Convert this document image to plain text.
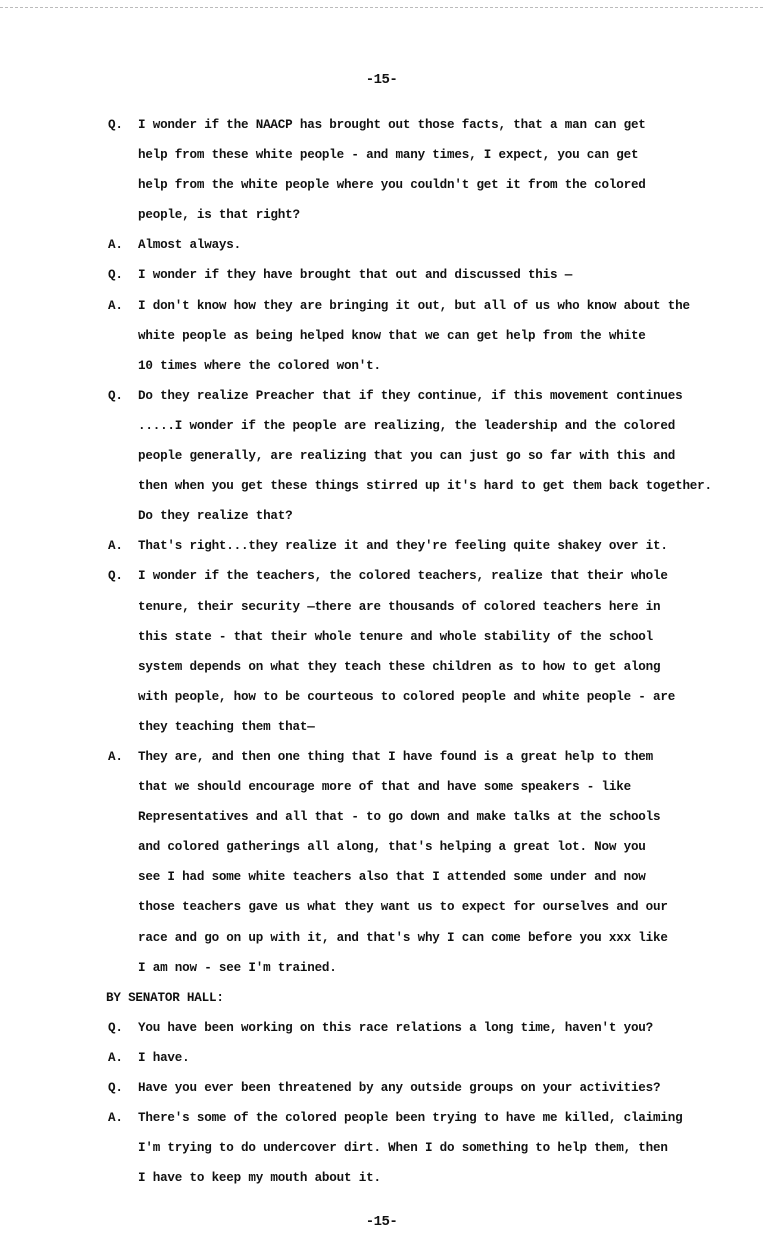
-15-
Q.	I wonder if the NAACP has brought out those facts, that a man can get
help from these white people - and many times, I expect, you can get
help from the white people where you couldn't get it from the colored
people, is that right?
A.	Almost always.
Q.	I wonder if they have brought that out and discussed this —
A.	I don't know how they are bringing it out, but all of us who know about the
white people as being helped know that we can get help from the white
10 times where the colored won't.
Q.	Do they realize Preacher that if they continue, if this movement continues
.....I wonder if the people are realizing, the leadership and the colored
people generally, are realizing that you can just go so far with this and
then when you get these things stirred up it's hard to get them back together.
Do they realize that?
A.	That's right...they realize it and they're feeling quite shakey over it.
Q.	I wonder if the teachers, the colored teachers, realize that their whole
tenure, their security —there are thousands of colored teachers here in
this state - that their whole tenure and whole stability of the school
system depends on what they teach these children as to how to get along
with people, how to be courteous to colored people and white people - are
they teaching them that—
A.	They are, and then one thing that I have found is a great help to them
that we should encourage more of that and have some speakers - like
Representatives and all that - to go down and make talks at the schools
and colored gatherings all along, that's helping a great lot. Now you
see I had some white teachers also that I attended some under and now
those teachers gave us what they want us to expect for ourselves and our
race and go on up with it, and that's why I can come before you xxx like
I am now - see I'm trained.
BY SENATOR HALL:
Q.	You have been working on this race relations a long time, haven't you?
A.	I have.
Q.	Have you ever been threatened by any outside groups on your activities?
A.	There's some of the colored people been trying to have me killed, claiming
I'm trying to do undercover dirt. When I do something to help them, then
I have to keep my mouth about it.
-15-
